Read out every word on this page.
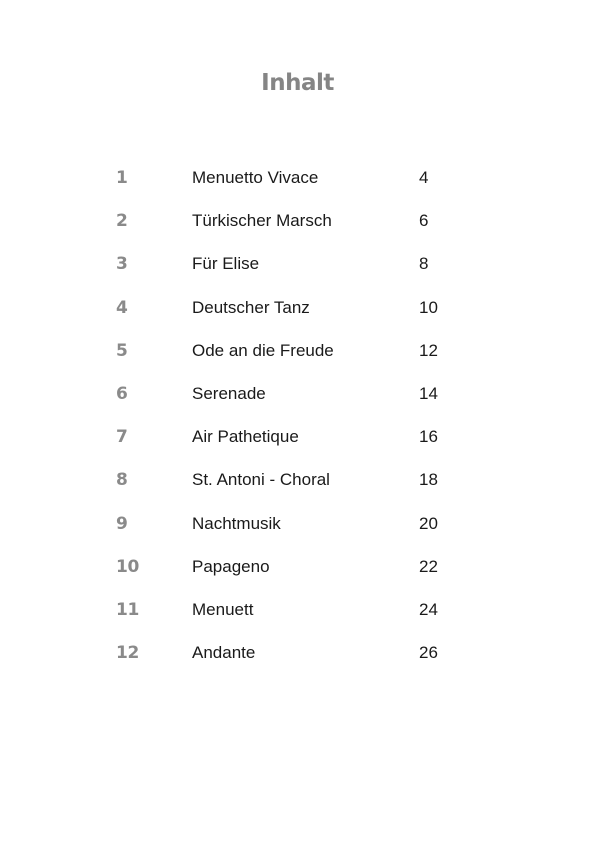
Inhalt
1	Menuetto Vivace	4
2	Türkischer Marsch	6
3	Für Elise	8
4	Deutscher Tanz	10
5	Ode an die Freude	12
6	Serenade	14
7	Air Pathetique	16
8	St. Antoni - Choral	18
9	Nachtmusik	20
10	Papageno	22
11	Menuett	24
12	Andante	26
